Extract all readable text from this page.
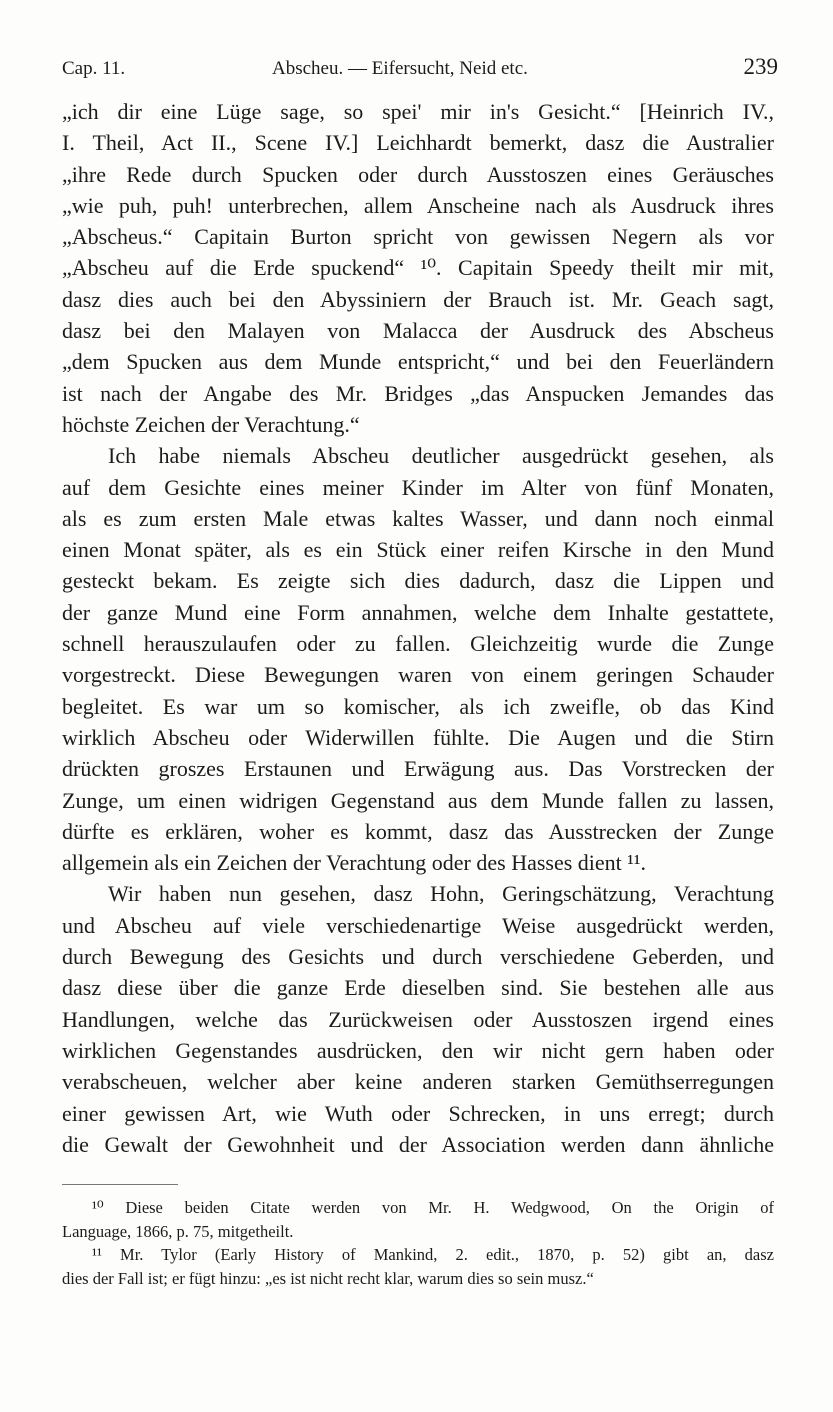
Cap. 11.	Abscheu. — Eifersucht, Neid etc.	239
„ich dir eine Lüge sage, so spei' mir in's Gesicht.“ [Heinrich IV.,
I. Theil, Act II., Scene IV.] Leichhardt bemerkt, dasz die Australier
„ihre Rede durch Spucken oder durch Ausstoszen eines Geräusches
„wie puh, puh! unterbrechen, allem Anscheine nach als Ausdruck ihres
„Abscheus.“ Capitain Burton spricht von gewissen Negern als vor
„Abscheu auf die Erde spuckend“ ¹⁰. Capitain Speedy theilt mir mit,
dasz dies auch bei den Abyssiniern der Brauch ist. Mr. Geach sagt,
dasz bei den Malayen von Malacca der Ausdruck des Abscheus
„dem Spucken aus dem Munde entspricht,“ und bei den Feuerländern
ist nach der Angabe des Mr. Bridges „das Anspucken Jemandes das
höchste Zeichen der Verachtung.“
Ich habe niemals Abscheu deutlicher ausgedrückt gesehen, als
auf dem Gesichte eines meiner Kinder im Alter von fünf Monaten,
als es zum ersten Male etwas kaltes Wasser, und dann noch einmal
einen Monat später, als es ein Stück einer reifen Kirsche in den Mund
gesteckt bekam. Es zeigte sich dies dadurch, dasz die Lippen und
der ganze Mund eine Form annahmen, welche dem Inhalte gestattete,
schnell herauszulaufen oder zu fallen. Gleichzeitig wurde die Zunge
vorgestreckt. Diese Bewegungen waren von einem geringen Schauder
begleitet. Es war um so komischer, als ich zweifle, ob das Kind
wirklich Abscheu oder Widerwillen fühlte. Die Augen und die Stirn
drückten groszes Erstaunen und Erwägung aus. Das Vorstrecken der
Zunge, um einen widrigen Gegenstand aus dem Munde fallen zu lassen,
dürfte es erklären, woher es kommt, dasz das Ausstrecken der Zunge
allgemein als ein Zeichen der Verachtung oder des Hasses dient ¹¹.
Wir haben nun gesehen, dasz Hohn, Geringschätzung, Verachtung
und Abscheu auf viele verschiedenartige Weise ausgedrückt werden,
durch Bewegung des Gesichts und durch verschiedene Geberden, und
dasz diese über die ganze Erde dieselben sind. Sie bestehen alle aus
Handlungen, welche das Zurückweisen oder Ausstoszen irgend eines
wirklichen Gegenstandes ausdrücken, den wir nicht gern haben oder
verabscheuen, welcher aber keine anderen starken Gemüthserregungen
einer gewissen Art, wie Wuth oder Schrecken, in uns erregt; durch
die Gewalt der Gewohnheit und der Association werden dann ähnliche
¹⁰ Diese beiden Citate werden von Mr. H. Wedgwood, On the Origin of
Language, 1866, p. 75, mitgetheilt.
¹¹ Mr. Tylor (Early History of Mankind, 2. edit., 1870, p. 52) gibt an, dasz
dies der Fall ist; er fügt hinzu: „es ist nicht recht klar, warum dies so sein musz.“
